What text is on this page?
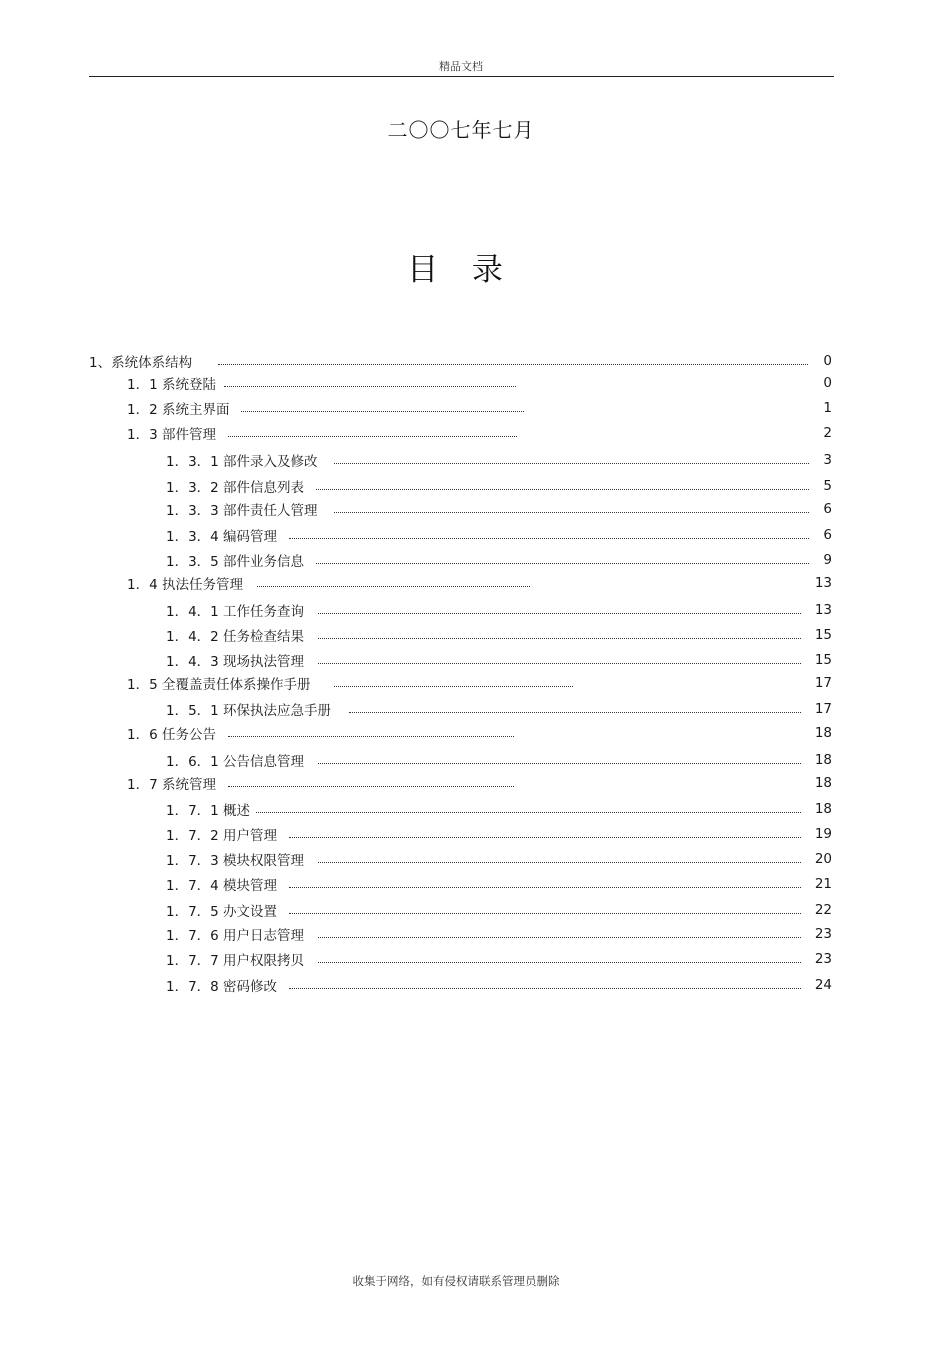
精品文档
二〇〇七年七月
目 录
1、系统体系结构	0
1．1 系统登陆	0
1．2 系统主界面	1
1．3 部件管理	2
1．3．1 部件录入及修改	3
1．3．2 部件信息列表	5
1．3．3 部件责任人管理	6
1．3．4 编码管理	6
1．3．5 部件业务信息	9
1．4 执法任务管理	13
1．4．1 工作任务查询	13
1．4．2 任务检查结果	15
1．4．3 现场执法管理	15
1．5 全覆盖责任体系操作手册	17
1．5．1 环保执法应急手册	17
1．6 任务公告	18
1．6．1 公告信息管理	18
1．7 系统管理	18
1．7．1 概述	18
1．7．2 用户管理	19
1．7．3 模块权限管理	20
1．7．4 模块管理	21
1．7．5 办文设置	22
1．7．6 用户日志管理	23
1．7．7 用户权限拷贝	23
1．7．8 密码修改	24
收集于网络，如有侵权请联系管理员删除
